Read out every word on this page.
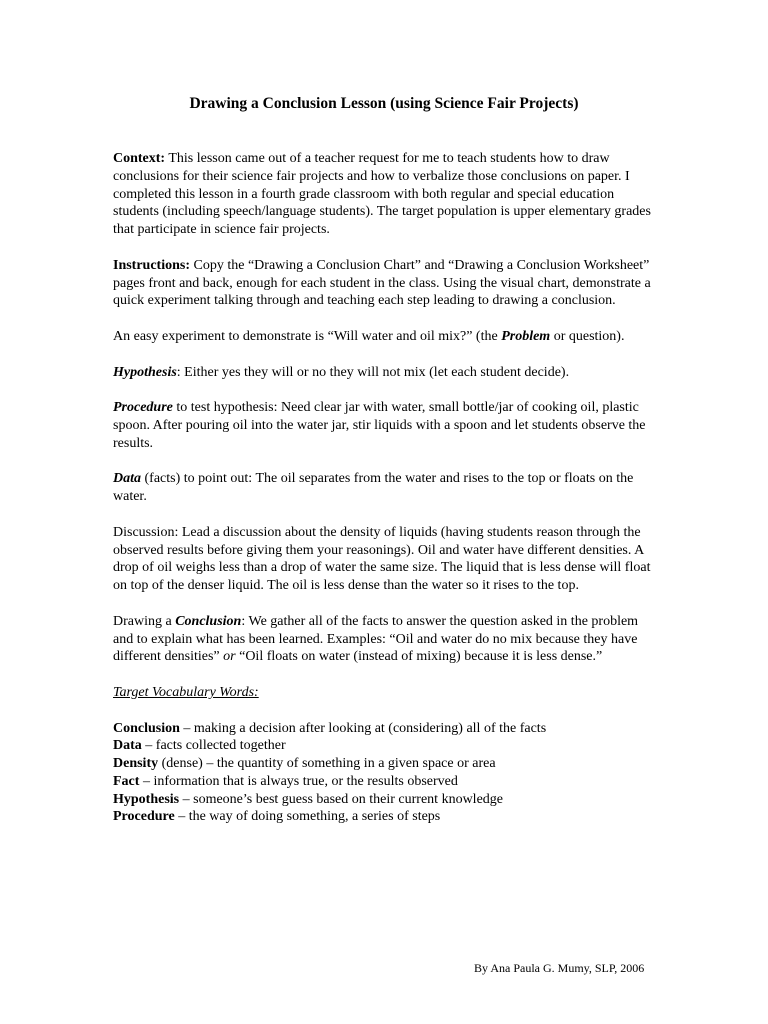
Drawing a Conclusion Lesson (using Science Fair Projects)

Context: This lesson came out of a teacher request for me to teach students how to draw conclusions for their science fair projects and how to verbalize those conclusions on paper. I completed this lesson in a fourth grade classroom with both regular and special education students (including speech/language students). The target population is upper elementary grades that participate in science fair projects.

Instructions: Copy the “Drawing a Conclusion Chart” and “Drawing a Conclusion Worksheet” pages front and back, enough for each student in the class. Using the visual chart, demonstrate a quick experiment talking through and teaching each step leading to drawing a conclusion.

An easy experiment to demonstrate is “Will water and oil mix?” (the Problem or question).

Hypothesis: Either yes they will or no they will not mix (let each student decide).

Procedure to test hypothesis: Need clear jar with water, small bottle/jar of cooking oil, plastic spoon. After pouring oil into the water jar, stir liquids with a spoon and let students observe the results.

Data (facts) to point out: The oil separates from the water and rises to the top or floats on the water.

Discussion: Lead a discussion about the density of liquids (having students reason through the observed results before giving them your reasonings). Oil and water have different densities. A drop of oil weighs less than a drop of water the same size. The liquid that is less dense will float on top of the denser liquid. The oil is less dense than the water so it rises to the top.

Drawing a Conclusion: We gather all of the facts to answer the question asked in the problem and to explain what has been learned. Examples: “Oil and water do no mix because they have different densities” or “Oil floats on water (instead of mixing) because it is less dense.”

Target Vocabulary Words:

Conclusion – making a decision after looking at (considering) all of the facts
Data – facts collected together
Density (dense) – the quantity of something in a given space or area
Fact – information that is always true, or the results observed
Hypothesis – someone’s best guess based on their current knowledge
Procedure – the way of doing something, a series of steps
By Ana Paula G. Mumy, SLP, 2006
